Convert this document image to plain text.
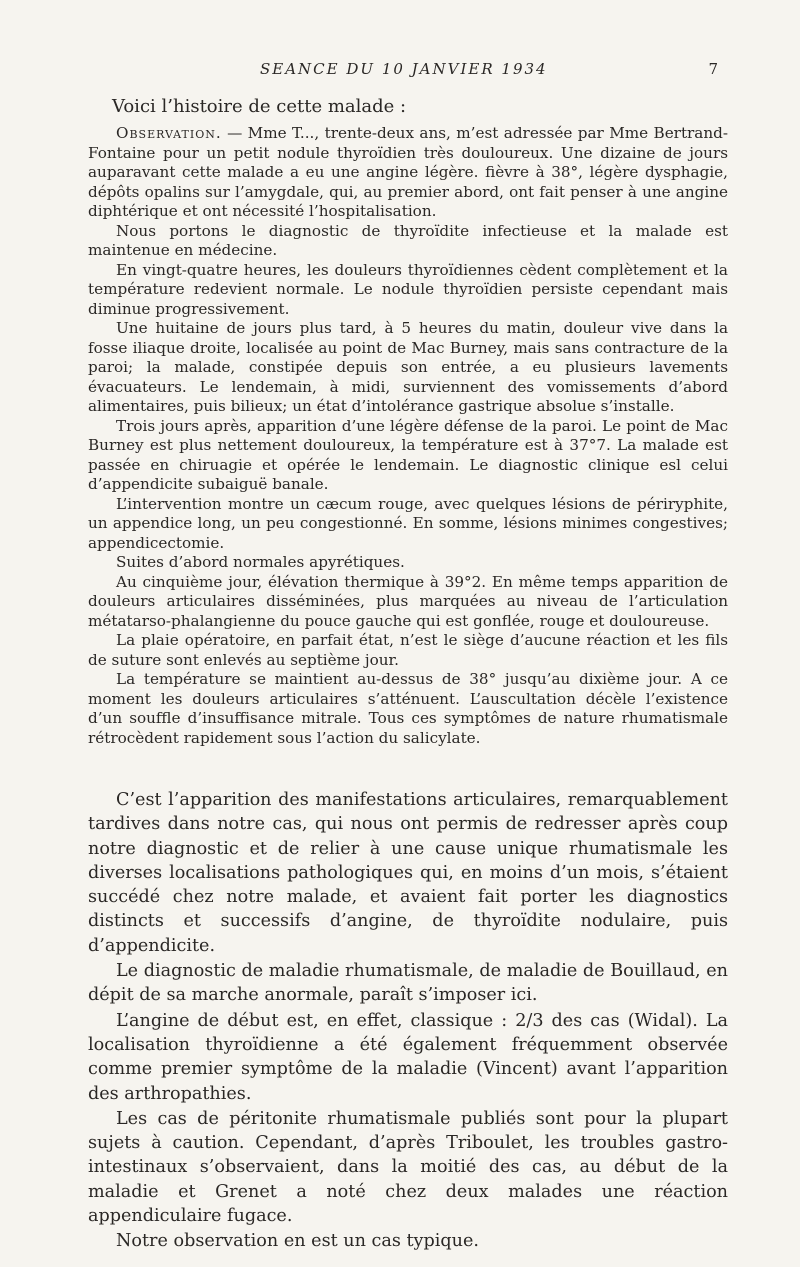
SEANCE DU 10 JANVIER 1934	7
Voici l’histoire de cette malade :

Observation. — Mme T..., trente-deux ans, m’est adressée par Mme Bertrand-Fontaine pour un petit nodule thyroïdien très douloureux. Une dizaine de jours auparavant cette malade a eu une angine légère. fièvre à 38°, légère dysphagie, dépôts opalins sur l’amygdale, qui, au premier abord, ont fait penser à une angine diphtérique et ont nécessité l’hospitalisation.

Nous portons le diagnostic de thyroïdite infectieuse et la malade est maintenue en médecine.

En vingt-quatre heures, les douleurs thyroïdiennes cèdent complètement et la température redevient normale. Le nodule thyroïdien persiste cependant mais diminue progressivement.

Une huitaine de jours plus tard, à 5 heures du matin, douleur vive dans la fosse iliaque droite, localisée au point de Mac Burney, mais sans contracture de la paroi; la malade, constipée depuis son entrée, a eu plusieurs lavements évacuateurs. Le lendemain, à midi, surviennent des vomissements d’abord alimentaires, puis bilieux; un état d’intolérance gastrique absolue s’installe.

Trois jours après, apparition d’une légère défense de la paroi. Le point de Mac Burney est plus nettement douloureux, la température est à 37°7. La malade est passée en chiruagie et opérée le lendemain. Le diagnostic clinique esl celui d’appendicite subaiguë banale.

L’intervention montre un cæcum rouge, avec quelques lésions de périryphite, un appendice long, un peu congestionné. En somme, lésions minimes congestives; appendicectomie.

Suites d’abord normales apyrétiques.

Au cinquième jour, élévation thermique à 39°2. En même temps apparition de douleurs articulaires disséminées, plus marquées au niveau de l’articulation métatarso-phalangienne du pouce gauche qui est gonflée, rouge et douloureuse.

La plaie opératoire, en parfait état, n’est le siège d’aucune réaction et les fils de suture sont enlevés au septième jour.

La température se maintient au-dessus de 38° jusqu’au dixième jour. A ce moment les douleurs articulaires s’atténuent. L’auscultation décèle l’existence d’un souffle d’insuffisance mitrale. Tous ces symptômes de nature rhumatismale rétrocèdent rapidement sous l’action du salicylate.

C’est l’apparition des manifestations articulaires, remarquablement tardives dans notre cas, qui nous ont permis de redresser après coup notre diagnostic et de relier à une cause unique rhumatismale les diverses localisations pathologiques qui, en moins d’un mois, s’étaient succédé chez notre malade, et avaient fait porter les diagnostics distincts et successifs d’angine, de thyroïdite nodulaire, puis d’appendicite.

Le diagnostic de maladie rhumatismale, de maladie de Bouillaud, en dépit de sa marche anormale, paraît s’imposer ici.

L’angine de début est, en effet, classique : 2/3 des cas (Widal). La localisation thyroïdienne a été également fréquemment observée comme premier symptôme de la maladie (Vincent) avant l’apparition des arthropathies.

Les cas de péritonite rhumatismale publiés sont pour la plupart sujets à caution. Cependant, d’après Triboulet, les troubles gastro-intestinaux s’observaient, dans la moitié des cas, au début de la maladie et Grenet a noté chez deux malades une réaction appendiculaire fugace.

Notre observation en est un cas typique.
